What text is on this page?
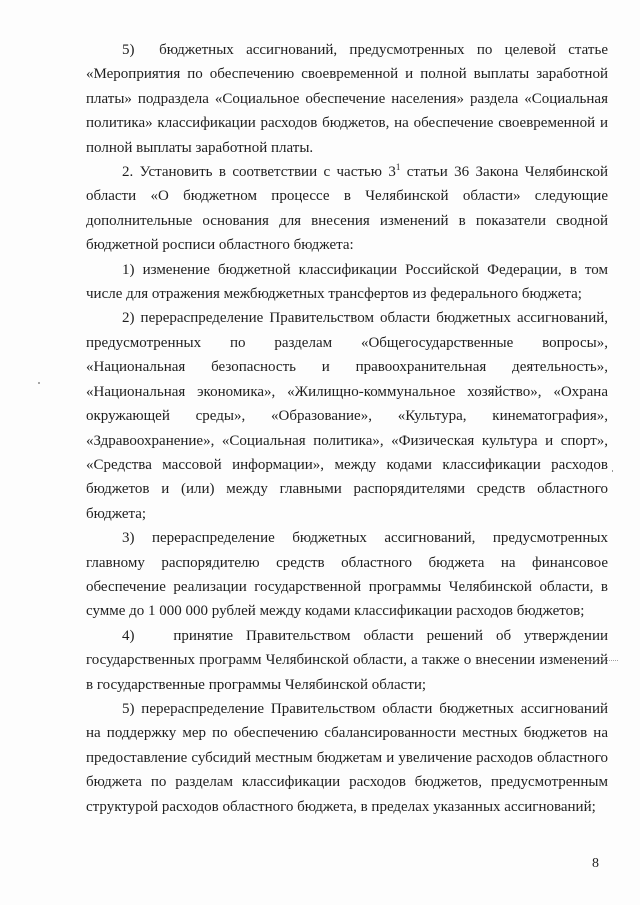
5)  бюджетных ассигнований, предусмотренных по целевой статье «Мероприятия по обеспечению своевременной и полной выплаты заработной платы» подраздела «Социальное обеспечение населения» раздела «Социальная политика» классификации расходов бюджетов, на обеспечение своевременной и полной выплаты заработной платы.

2. Установить в соответствии с частью $3^1$ статьи 36 Закона Челябинской области «О бюджетном процессе в Челябинской области» следующие дополнительные основания для внесения изменений в показатели сводной бюджетной росписи областного бюджета:

1) изменение бюджетной классификации Российской Федерации, в том числе для отражения межбюджетных трансфертов из федерального бюджета;

2) перераспределение Правительством области бюджетных ассигнований, предусмотренных по разделам «Общегосударственные вопросы», «Национальная безопасность и правоохранительная деятельность», «Национальная экономика», «Жилищно-коммунальное хозяйство», «Охрана окружающей среды», «Образование», «Культура, кинематография», «Здравоохранение», «Социальная политика», «Физическая культура и спорт», «Средства массовой информации», между кодами классификации расходов бюджетов и (или) между главными распорядителями средств областного бюджета;

3) перераспределение бюджетных ассигнований, предусмотренных главному распорядителю средств областного бюджета на финансовое обеспечение реализации государственной программы Челябинской области, в сумме до 1 000 000 рублей между кодами классификации расходов бюджетов;

4)   принятие Правительством области решений об утверждении государственных программ Челябинской области, а также о внесении изменений в государственные программы Челябинской области;

5) перераспределение Правительством области бюджетных ассигнований на поддержку мер по обеспечению сбалансированности местных бюджетов на предоставление субсидий местным бюджетам и увеличение расходов областного бюджета по разделам классификации расходов бюджетов, предусмотренным структурой расходов областного бюджета, в пределах указанных ассигнований;

8
